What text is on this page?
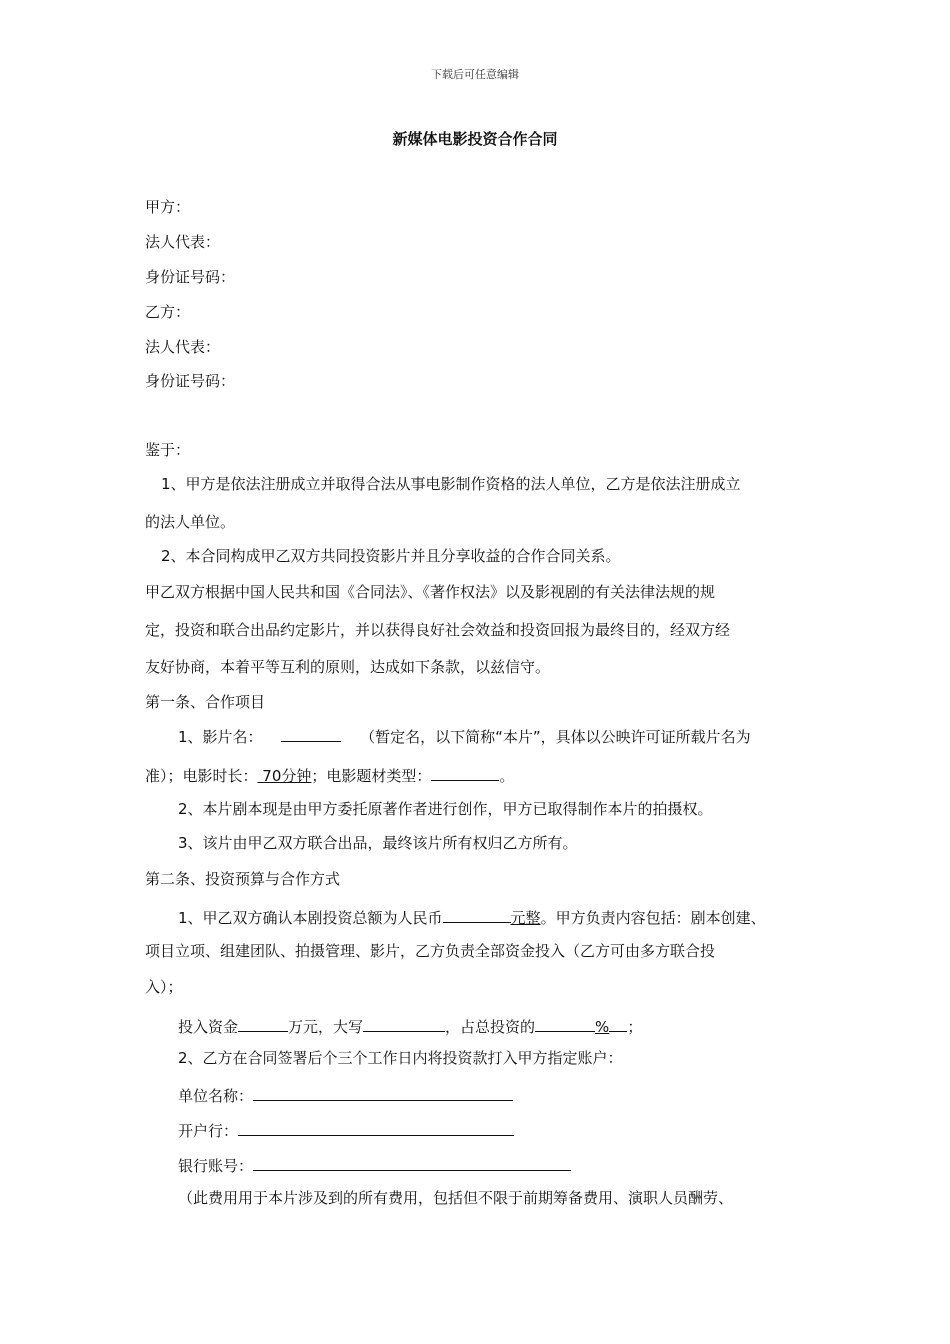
下载后可任意编辑
新媒体电影投资合作合同
甲方：
法人代表：
身份证号码：
乙方：
法人代表：
身份证号码：
鉴于：
1、甲方是依法注册成立并取得合法从事电影制作资格的法人单位，乙方是依法注册成立
的法人单位。
2、本合同构成甲乙双方共同投资影片并且分享收益的合作合同关系。
甲乙双方根据中国人民共和国《合同法》、《著作权法》以及影视剧的有关法律法规的规
定，投资和联合出品约定影片，并以获得良好社会效益和投资回报为最终目的，经双方经
友好协商，本着平等互利的原则，达成如下条款，以兹信守。
第一条、合作项目
1、影片名：	（暂定名，以下简称“本片”，具体以公映许可证所载片名为
准）；电影时长： 70分钟；电影题材类型：	。
2、本片剧本现是由甲方委托原著作者进行创作，甲方已取得制作本片的拍摄权。
3、该片由甲乙双方联合出品，最终该片所有权归乙方所有。
第二条、投资预算与合作方式
1、甲乙双方确认本剧投资总额为人民币	元整。甲方负责内容包括：剧本创建、
项目立项、组建团队、拍摄管理、影片，乙方负责全部资金投入（乙方可由多方联合投
入）；
投入资金	万元，大写	，占总投资的	% ；
2、乙方在合同签署后个三个工作日内将投资款打入甲方指定账户：
单位名称：
开户行：
银行账号：
（此费用用于本片涉及到的所有费用，包括但不限于前期筹备费用、演职人员酬劳、
